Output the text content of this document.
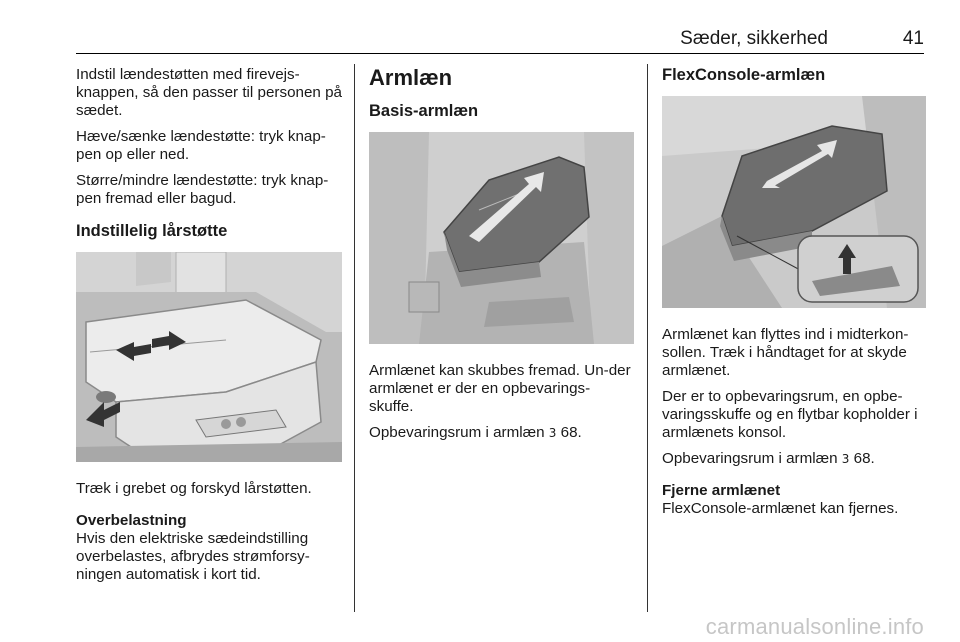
Sæder, sikkerhed	41

Indstil lændestøtten med firevejs-knappen, så den passer til personen på sædet.

Hæve/sænke lændestøtte: tryk knap-pen op eller ned.

Større/mindre lændestøtte: tryk knap-pen fremad eller bagud.

Indstillelig lårstøtte

Træk i grebet og forskyd lårstøtten.

Overbelastning

Hvis den elektriske sædeindstilling overbelastes, afbrydes strømforsy-ningen automatisk i kort tid.

Armlæn
Basis-armlæn

Armlænet kan skubbes fremad. Un-der armlænet er der en opbevarings-skuffe.

Opbevaringsrum i armlæn 3 68.

FlexConsole-armlæn

Armlænet kan flyttes ind i midterkon-sollen. Træk i håndtaget for at skyde armlænet.

Der er to opbevaringsrum, en opbe-varingsskuffe og en flytbar kopholder i armlænets konsol.

Opbevaringsrum i armlæn 3 68.

Fjerne armlænet

FlexConsole-armlænet kan fjernes.

carmanualsonline.info
